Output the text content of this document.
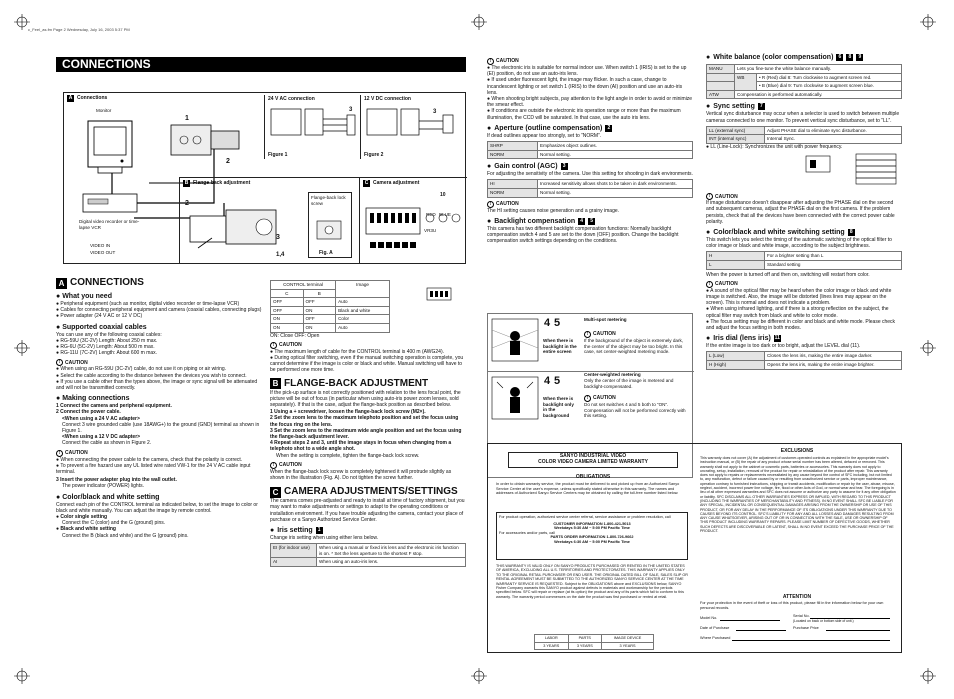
c_Feel_as.fm Page 2 Wednesday, July 16, 2003 5:37 PM
CONNECTIONS
A Connections
Monitor
1
Digital video recorder or time-lapse VCR
VIDEO IN
VIDEO OUT
24 V AC connection
3
Figure 1
12 V DC connection
3
Figure 2
2
B Flange-back adjustment
2
3
1,4
Flange-back lock screw
Fig. A
C Camera adjustment
VR3U
RED BLUE
10
A CONNECTIONS
● What you need
● Peripheral equipment (such as monitor, digital video recorder or time-lapse VCR)
● Cables for connecting peripheral equipment and camera (coaxial cables, connecting plugs)
● Power adapter (24 V AC or 12 V DC)
● Supported coaxial cables
You can use any of the following coaxial cables:
● RG-59U (3C-2V) Length: About 250 m max.
● RG-6U (5C-2V) Length: About 500 m max.
● RG-11U (7C-2V) Length: About 600 m max.
! CAUTION
● When using an RG-59U (3C-2V) cable, do not use it on piping or air wiring.
● Select the cable according to the distance between the devices you wish to connect.
● If you use a cable other than the types above, the image or sync signal will be attenuated and will not be transmitted correctly.
● Making connections
1 Connect the camera and peripheral equipment.
2 Connect the power cable.
<When using a 24 V AC adapter>
Connect 3 wire grounded cable (use 18AWG+) to the ground (GND) terminal as shown in Figure 1.
<When using a 12 V DC adapter>
Connect the cable as shown in Figure 2.
! CAUTION
● When connecting the power cable to the camera, check that the polarity is correct.
● To prevent a fire hazard use any UL listed wire rated VW-1 for the 24 V AC cable input terminal.
3 Insert the power adapter plug into the wall outlet.
The power indicator (POWER) lights.
● Color/black and white setting
Connect each pin of the CONTROL terminal as indicated below, to set the image to color or black and white manually. You can adjust the image by remote control.
● Color single setting
Connect the C (color) and the G (ground) pins.
● Black and white setting
Connect the B (black and white) and the G (ground) pins.
CONTROL terminal		Image
C	B	
OFF	OFF	Auto
OFF	ON	Black and white
ON	OFF	Color
ON	ON	Auto
ON: Close OFF: Open
! CAUTION
● The maximum length of cable for the CONTROL terminal is 400 m (AWG24).
● During optical filter switching, even if the manual switching operation is complete, you cannot determine if the image is color or black and white. Manual switching will have to be performed one more time.
B FLANGE-BACK ADJUSTMENT
If the pick-up surface is not correctly positioned with relation to the lens focal point, the picture will be out of focus (in particular when using auto-iris power zoom lenses, sold separately). If that is the case, adjust the flange-back position as described below.
1 Using a + screwdriver, loosen the flange-back lock screw (M2×).
2 Set the zoom lens to the maximum telephoto position and set the focus using the focus ring on the lens.
3 Set the zoom lens to the maximum wide angle position and set the focus using the flange-back adjustment lever.
4 Repeat steps 2 and 3, until the image stays in focus when changing from a telephoto shot to a wide angle shot.
When the setting is complete, tighten the flange-back lock screw.
! CAUTION
When the flange-back lock screw is completely tightened it will protrude slightly as shown in the illustration (Fig. A). Do not tighten the screw further.
C CAMERA ADJUSTMENTS/SETTINGS
The camera comes pre-adjusted and ready to install at time of factory shipment, but you may want to make adjustments or settings to adapt to the operating conditions or installation environment. If you have trouble adjusting the camera, contact your place of purchase or a Sanyo Authorized Service Center.
● Iris setting	1
Change iris setting when using either lens below.
EI (for indoor use)	When using a manual or fixed iris lens and the electronic iris function is on. * Set the lens aperture to the shortest F stop.
AI	When using an auto-iris lens.
! CAUTION
● The electronic iris is suitable for normal indoor use. When switch 1 (IRIS) is set to the up (EI) position, do not use an auto-iris lens.
● If used under fluorescent light, the image may flicker. In such a case, change to incandescent lighting or set switch 1 (IRIS) to the down (AI) position and use an auto-iris lens.
● When shooting bright subjects, pay attention to the light angle in order to avoid or minimize the smear effect.
● If conditions are outside the electronic iris operation range or more than the maximum illumination, the CCD will be saturated. In that case, use the auto iris lens.
● Aperture (outline compensation)	2
If dead outlines appear too strongly, set to “NORM”.
SHRP	Emphasizes object outlines.
NORM	Normal setting.
● Gain control (AGC)	3
For adjusting the sensitivity of the camera. Use this setting for shooting in dark environments.
HI	Increased sensitivity allows shots to be taken in dark environments.
NORM	Normal setting.
! CAUTION
The HI setting causes noise generation and a grainy image.
● Backlight compensation	4	5
This camera has two different backlight compensation functions: Normally backlight compensation switch 4 and 5 are set to the down (OFF) position. Change the backlight compensation switch settings depending on the conditions.
4 5
When there is backlight in the entire screen
Multi-spot metering
! CAUTION
If the background of the object is extremely dark, the center of the object may be too bright. In this case, set center-weighted metering mode.
4 5
When there is backlight only in the background
Center-weighted metering
Only the center of the image is metered and backlight-compensated.
! CAUTION
Do not set switches 4 and 5 both to “ON”. Compensation will not be performed correctly with this setting.
● White balance (color compensation)	6	8	9
MANU	Lets you fine-tune the white balance manually.	
	WB	• R (Red) dial 8: Turn clockwise to augment screen red.
		• B (Blue) dial 9: Turn clockwise to augment screen blue.
ATW	Compensation is performed automatically.	
● Sync setting	7
Vertical sync disturbance may occur when a selector is used to switch between multiple cameras connected to one monitor. To prevent vertical sync disturbance, set to “LL”.
LL (external sync)	Adjust PHASE dial to eliminate sync disturbance.
INT (internal sync)	Internal Sync.
● LL (Line-Lock): Synchronizes the unit with power frequency.
! CAUTION
If image disturbance doesn’t disappear after adjusting the PHASE dial on the second and subsequent cameras, adjust the PHASE dial on the first camera. If the problem persists, check that all the devices have been connected with the correct power cable polarity.
● Color/black and white switching setting	8
This switch lets you select the timing of the automatic switching of the optical filter to color image or black and white image, according to the subject brightness.
H	For a brighter setting than L
L	Standard setting
When the power is turned off and then on, switching will restart from color.
! CAUTION
● A sound of the optical filter may be heard when the color image or black and white image is switched. Also, the image will be distorted (lines lines may appear on the screen). This is normal and does not indicate a problem.
● When using infrared lighting, and if there is a strong reflection on the subject, the optical filter may switch from black and white to color mode.
● The focus setting may be different in color and black and white mode. Please check and adjust the focus setting in both modes.
● Iris dial (lens iris) 11
If the entire image is too dark or too bright, adjust the LEVEL dial (11).
L (Low)	Closes the lens iris, making the entire image darker.
H (High)	Opens the lens iris, making the entire image brighter.
SANYO INDUSTRIAL VIDEO
COLOR VIDEO CAMERA LIMITED WARRANTY
OBLIGATIONS
In order to obtain warranty service, the product must be delivered to and picked up from an Authorized Sanyo Service Center at the user’s expense, unless specifically stated otherwise in this warranty. The names and addresses of Authorized Sanyo Service Centers may be obtained by calling the toll-free number listed below.
For product operation, authorized service center referral, service assistance or problem resolution, call
CUSTOMER INFORMATION 1-800-421-5013
Weekdays 5:30 AM ~ 5:00 PM Pacific Time
For accessories and/or parts, call
PARTS ORDER INFORMATION 1-800-726-9662
Weekdays 6:30 AM ~ 5:00 PM Pacific Time
THIS WARRANTY IS VALID ONLY ON SANYO PRODUCTS PURCHASED OR RENTED IN THE UNITED STATES OF AMERICA, EXCLUDING ALL U.S. TERRITORIES AND PROTECTORATES. THIS WARRANTY APPLIES ONLY TO THE ORIGINAL RETAIL PURCHASER OR END USER. THE ORIGINAL DATED BILL OF SALE, SALES SLIP OR RENTAL AGREEMENT MUST BE SUBMITTED TO THE AUTHORIZED SANYO SERVICE CENTER AT THE TIME WARRANTY SERVICE IS REQUESTED. Subject to the OBLIGATIONS above and EXCLUSIONS below, SANYO Fisher Company warrants this SANYO product against defects in materials and workmanship for the periods specified below. SFC will repair or replace (at its option) the product and any of its parts which fail to conform to this warranty. The warranty period commences on the date the product was first purchased or rented at retail.
LABOR	PARTS	IMAGE DEVICE
3 YEARS	3 YEARS	3 YEARS
EXCLUSIONS
This warranty does not cover (A) the adjustment of customer-operated controls as explained in the appropriate model’s instruction manual, or (B) the repair of any product whose serial number has been altered, defaced or removed. This warranty shall not apply to the cabinet or cosmetic parts, batteries or accessories. This warranty does not apply to uncrating, setup, installation, removal of the product for repair or reinstallation of the product after repair. This warranty does not apply to repairs or replacements necessitated by any cause beyond the control of SFC including, but not limited to, any malfunction, defect or failure caused by or resulting from unauthorized service or parts, improper maintenance, operation contrary to furnished instructions, shipping or transit accidents, modification or repair by the user, abuse, misuse, neglect, accident, incorrect power line voltage, fire, flood or other Acts of God, or normal wear and tear. The foregoing is in lieu of all other expressed warranties and SFC does not assume or authorize any party to assume for it any other obligation or liability. SFC DISCLAIMS ALL OTHER WARRANTIES EXPRESS OR IMPLIED, WITH REGARD TO THIS PRODUCT (INCLUDING THE WARRANTIES OF MERCHANTABILITY AND FITNESS). IN NO EVENT SHALL SFC BE LIABLE FOR ANY SPECIAL, INCIDENTAL OR CONSEQUENTIAL DAMAGES ARISING FROM THE OWNERSHIP OR USE OF THIS PRODUCT, OR FOR ANY DELAY IN THE PERFORMANCE OF ITS OBLIGATIONS UNDER THIS WARRANTY DUE TO CAUSES BEYOND ITS CONTROL. SFC’S LIABILITY FOR ANY AND ALL LOSSES AND DAMAGES RESULTING FROM ANY CAUSE WHATSOEVER, ARISING OUT OF OR IN CONNECTION WITH THE SALE, USE OR OWNERSHIP OF THIS PRODUCT INCLUDING WARRANTY REPAIRS. PLEASE LIMIT NUMBER OF DEFECTIVE GOODS, WHETHER SUCH DEFECTS ARE DISCOVERABLE OR LATENT, SHALL IN NO EVENT EXCEED THE PURCHASE PRICE OF THE PRODUCT.
ATTENTION
For your protection in the event of theft or loss of this product, please fill in the information below for your own personal records.
Model No.	Serial No.
(Located on back or bottom side of unit.)
Date of Purchase	Purchase Price
Where Purchased
